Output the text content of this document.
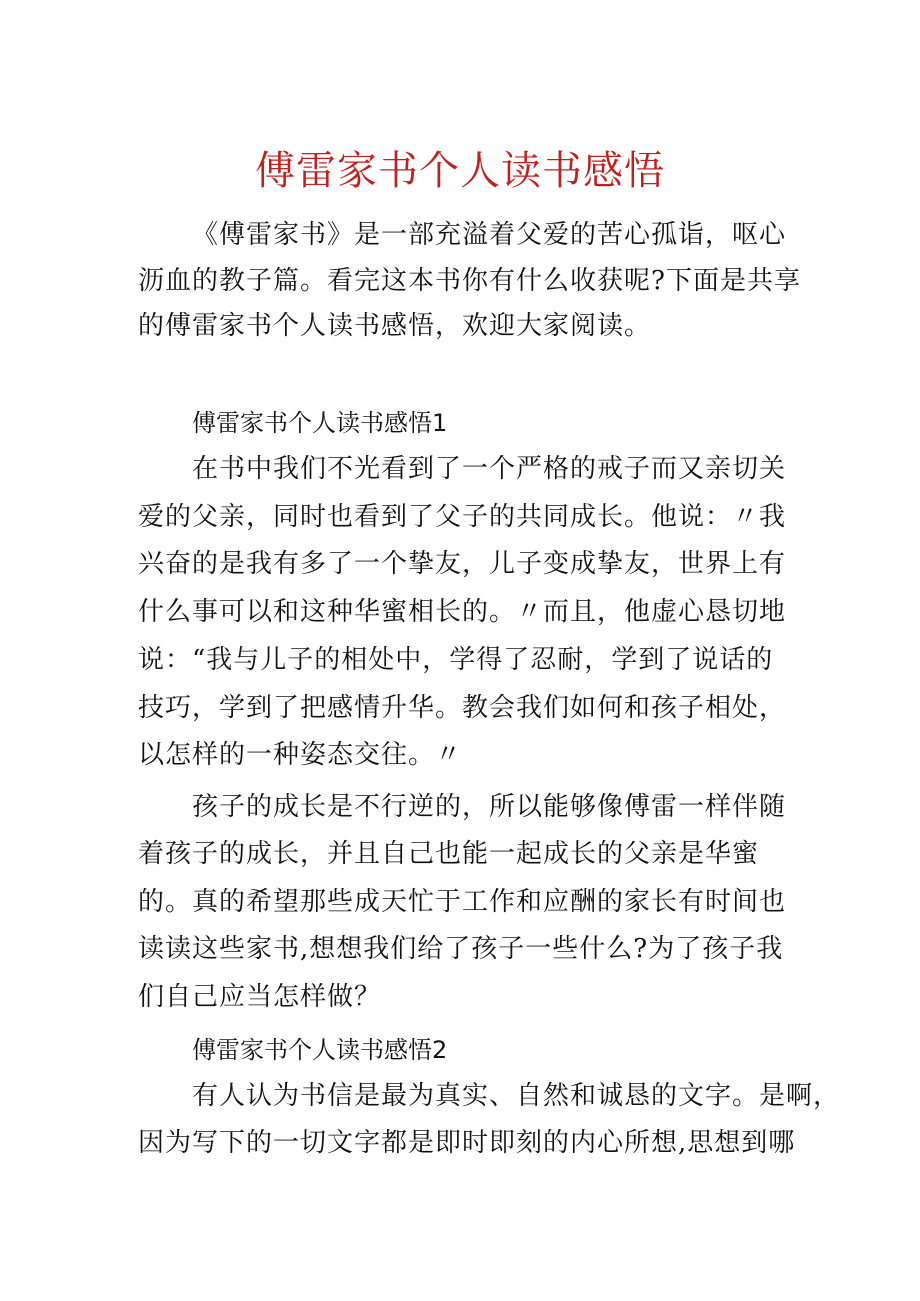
傅雷家书个人读书感悟

《傅雷家书》是一部充溢着父爱的苦心孤诣，呕心

沥血的教子篇。看完这本书你有什么收获呢?下面是共享

的傅雷家书个人读书感悟，欢迎大家阅读。

傅雷家书个人读书感悟1

在书中我们不光看到了一个严格的戒子而又亲切关

爱的父亲，同时也看到了父子的共同成长。他说：〃我

兴奋的是我有多了一个挚友，儿子变成挚友，世界上有

什么事可以和这种华蜜相长的。〃而且，他虚心恳切地

说：“我与儿子的相处中，学得了忍耐，学到了说话的

技巧，学到了把感情升华。教会我们如何和孩子相处，

以怎样的一种姿态交往。〃

孩子的成长是不行逆的，所以能够像傅雷一样伴随

着孩子的成长，并且自己也能一起成长的父亲是华蜜

的。真的希望那些成天忙于工作和应酬的家长有时间也

读读这些家书,想想我们给了孩子一些什么?为了孩子我

们自己应当怎样做？

傅雷家书个人读书感悟2

有人认为书信是最为真实、自然和诚恳的文字。是啊，

因为写下的一切文字都是即时即刻的内心所想,思想到哪
